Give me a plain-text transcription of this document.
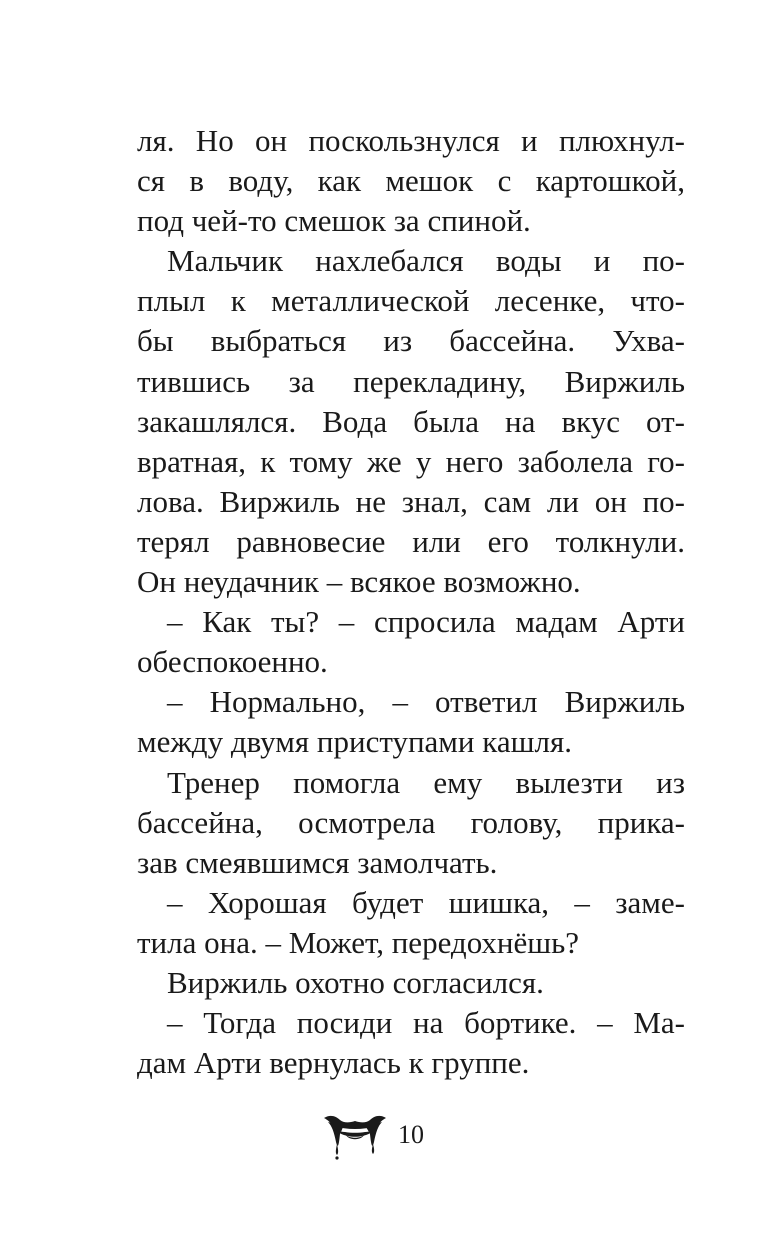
ля. Но он поскользнулся и плюхнул-
ся в воду, как мешок с картошкой,
под чей-то смешок за спиной.
Мальчик нахлебался воды и по-
плыл к металлической лесенке, что-
бы выбраться из бассейна. Ухва-
тившись за перекладину, Виржиль
закашлялся. Вода была на вкус от-
вратная, к тому же у него заболела го-
лова. Виржиль не знал, сам ли он по-
терял равновесие или его толкнули.
Он неудачник – всякое возможно.
– Как ты? – спросила мадам Арти
обеспокоенно.
– Нормально, – ответил Виржиль
между двумя приступами кашля.
Тренер помогла ему вылезти из
бассейна, осмотрела голову, прика-
зав смеявшимся замолчать.
– Хорошая будет шишка, – заме-
тила она. – Может, передохнёшь?
Виржиль охотно согласился.
– Тогда посиди на бортике. – Ма-
дам Арти вернулась к группе.
10
